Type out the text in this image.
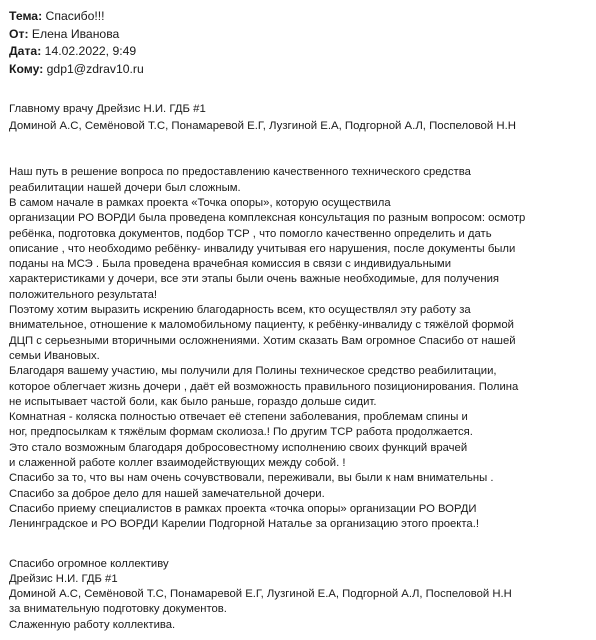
Тема: Спасибо!!!
От: Елена Иванова
Дата: 14.02.2022, 9:49
Кому: gdp1@zdrav10.ru
Главному врачу Дрейзис Н.И. ГДБ #1
Доминой А.С, Семёновой Т.С, Понамаревой Е.Г, Лузгиной Е.А, Подгорной А.Л, Поспеловой Н.Н
Наш путь в решение вопроса по предоставлению качественного технического средства
реабилитации нашей дочери был сложным.
В самом начале в рамках проекта «Точка опоры», которую осуществила
организации РО ВОРДИ была проведена комплексная консультация по разным вопросом: осмотр
ребёнка, подготовка документов, подбор ТСР , что помогло качественно определить и дать
описание , что необходимо ребёнку- инвалиду учитывая его нарушения, после документы были
поданы на МСЭ . Была проведена врачебная комиссия в связи с индивидуальными
характеристиками у дочери, все эти этапы были очень важные необходимые, для получения
положительного результата!
Поэтому хотим выразить искрению благодарность всем, кто осуществлял эту работу за
внимательное, отношение к маломобильному пациенту, к ребёнку-инвалиду с тяжёлой формой
ДЦП с серьезными вторичными осложнениями. Хотим сказать Вам огромное Спасибо от нашей
семьи Ивановых.
Благодаря вашему участию, мы получили для Полины техническое средство реабилитации,
которое облегчает жизнь дочери , даёт ей возможность правильного позиционирования. Полина
не испытывает частой боли, как было раньше, гораздо дольше сидит.
Комнатная - коляска полностью отвечает её степени заболевания, проблемам спины и
ног, предпосылкам к тяжёлым формам сколиоза.! По другим ТСР работа продолжается.
Это стало возможным благодаря добросовестному исполнению своих функций врачей
и слаженной работе коллег взаимодействующих между собой. !
Спасибо за то, что вы нам очень сочувствовали, переживали, вы были к нам внимательны .
Спасибо за доброе дело для нашей замечательной дочери.
Спасибо приему специалистов в рамках проекта «точка опоры» организации РО ВОРДИ
Ленинградское и РО ВОРДИ Карелии Подгорной Наталье за организацию этого проекта.!
Спасибо огромное коллективу
Дрейзис Н.И. ГДБ #1
Доминой А.С, Семёновой Т.С, Понамаревой Е.Г, Лузгиной Е.А, Подгорной А.Л, Поспеловой Н.Н
за внимательную подготовку документов.
Слаженную работу коллектива.
